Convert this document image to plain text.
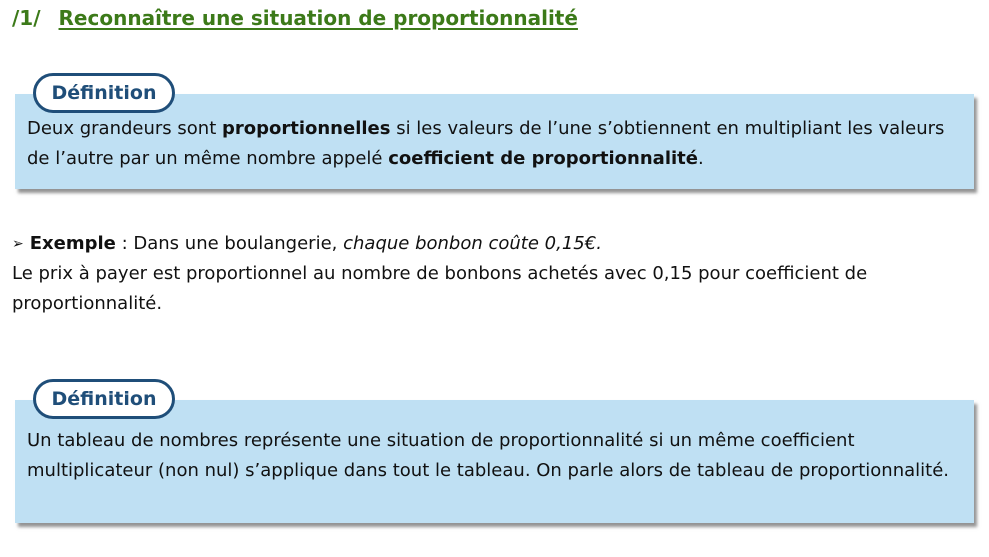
/1/ Reconnaître une situation de proportionnalité

Deux grandeurs sont proportionnelles si les valeurs de l’une s’obtiennent en multipliant les valeurs de l’autre par un même nombre appelé coefficient de proportionnalité.

Définition

➢ Exemple : Dans une boulangerie, chaque bonbon coûte 0,15€.

Le prix à payer est proportionnel au nombre de bonbons achetés avec 0,15 pour coefficient de proportionnalité.

Un tableau de nombres représente une situation de proportionnalité si un même coefficient multiplicateur (non nul) s’applique dans tout le tableau. On parle alors de tableau de proportionnalité.

Définition
